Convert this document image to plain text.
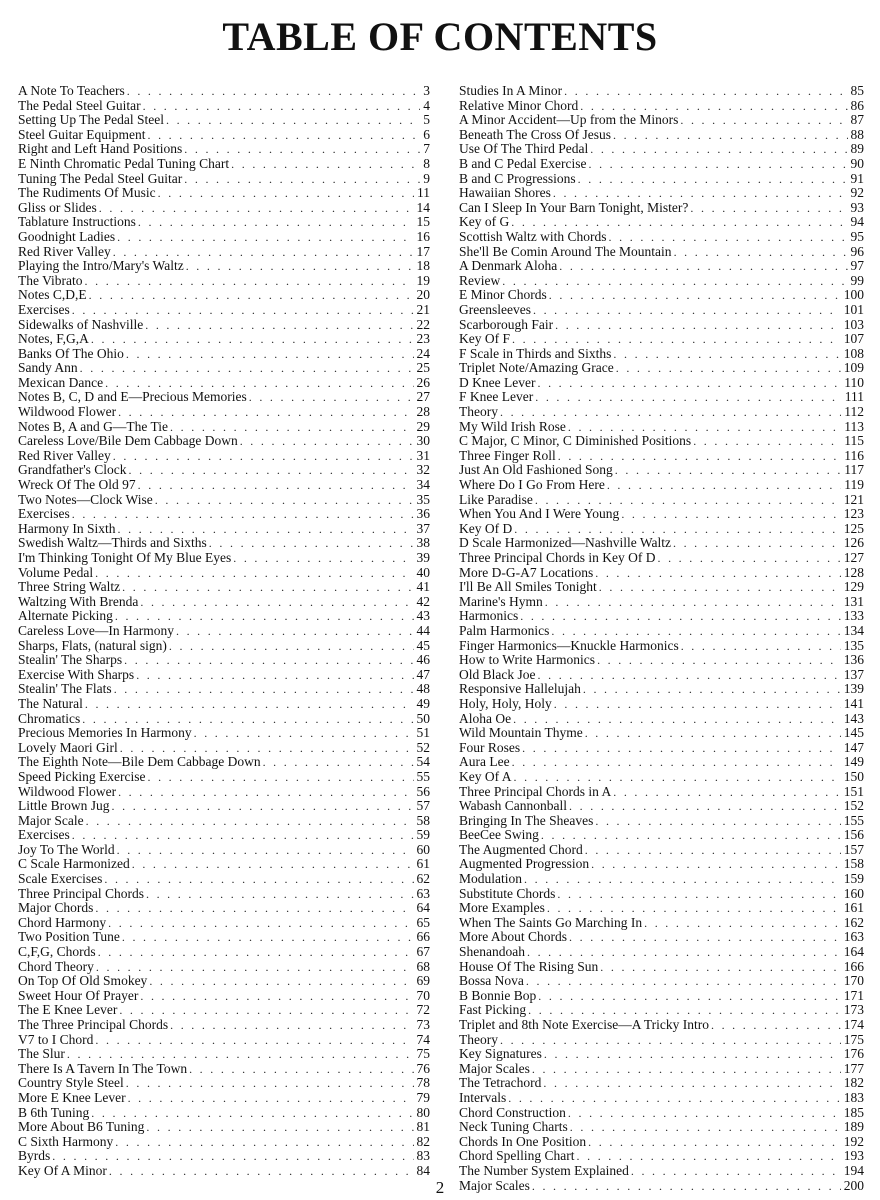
TABLE OF CONTENTS
A Note To Teachers . . .	3
The Pedal Steel Guitar . . .	4
Setting Up The Pedal Steel . . .	5
Steel Guitar Equipment . . .	6
Right and Left Hand Positions . . .	7
E Ninth Chromatic Pedal Tuning Chart . . .	8
Tuning The Pedal Steel Guitar . . .	9
The Rudiments Of Music . . .	11
Gliss or Slides . . .	14
Tablature Instructions . . .	15
Goodnight Ladies . . .	16
Red River Valley . . .	17
Playing the Intro/Mary's Waltz . . .	18
The Vibrato . . .	19
Notes C,D,E . . .	20
Exercises . . .	21
Sidewalks of Nashville . . .	22
Notes, F,G,A . . .	23
Banks Of The Ohio . . .	24
Sandy Ann . . .	25
Mexican Dance . . .	26
Notes B, C, D and E—Precious Memories . . .	27
Wildwood Flower . . .	28
Notes B, A and G—The Tie . . .	29
Careless Love/Bile Dem Cabbage Down . . .	30
Red River Valley . . .	31
Grandfather's Clock . . .	32
Wreck Of The Old 97 . . .	34
Two Notes—Clock Wise . . .	35
Exercises . . .	36
Harmony In Sixth . . .	37
Swedish Waltz—Thirds and Sixths . . .	38
I'm Thinking Tonight Of My Blue Eyes . . .	39
Volume Pedal . . .	40
Three String Waltz . . .	41
Waltzing With Brenda . . .	42
Alternate Picking . . .	43
Careless Love—In Harmony . . .	44
Sharps, Flats, (natural sign) . . .	45
Stealin' The Sharps . . .	46
Exercise With Sharps . . .	47
Stealin' The Flats . . .	48
The Natural . . .	49
Chromatics . . .	50
Precious Memories In Harmony . . .	51
Lovely Maori Girl . . .	52
The Eighth Note—Bile Dem Cabbage Down . . .	54
Speed Picking Exercise . . .	55
Wildwood Flower . . .	56
Little Brown Jug . . .	57
Major Scale . . .	58
Exercises . . .	59
Joy To The World . . .	60
C Scale Harmonized . . .	61
Scale Exercises . . .	62
Three Principal Chords . . .	63
Major Chords . . .	64
Chord Harmony . . .	65
Two Position Tune . . .	66
C,F,G, Chords . . .	67
Chord Theory . . .	68
On Top Of Old Smokey . . .	69
Sweet Hour Of Prayer . . .	70
The E Knee Lever . . .	72
The Three Principal Chords . . .	73
V7 to I Chord . . .	74
The Slur . . .	75
There Is A Tavern In The Town . . .	76
Country Style Steel . . .	78
More E Knee Lever . . .	79
B 6th Tuning . . .	80
More About B6 Tuning . . .	81
C Sixth Harmony . . .	82
Byrds . . .	83
Key Of A Minor . . .	84
Studies In A Minor . . .	85
Relative Minor Chord . . .	86
A Minor Accident—Up from the Minors . . .	87
Beneath The Cross Of Jesus . . .	88
Use Of The Third Pedal . . .	89
B and C Pedal Exercise . . .	90
B and C Progressions . . .	91
Hawaiian Shores . . .	92
Can I Sleep In Your Barn Tonight, Mister? . . .	93
Key of G . . .	94
Scottish Waltz with Chords . . .	95
She'll Be Comin Around The Mountain . . .	96
A Denmark Aloha . . .	97
Review . . .	99
E Minor Chords . . .	100
Greensleeves . . .	101
Scarborough Fair . . .	103
Key Of F . . .	107
F Scale in Thirds and Sixths . . .	108
Triplet Note/Amazing Grace . . .	109
D Knee Lever . . .	110
F Knee Lever . . .	111
Theory . . .	112
My Wild Irish Rose . . .	113
C Major, C Minor, C Diminished Positions . . .	115
Three Finger Roll . . .	116
Just An Old Fashioned Song . . .	117
Where Do I Go From Here . . .	119
Like Paradise . . .	121
When You And I Were Young . . .	123
Key Of D . . .	125
D Scale Harmonized—Nashville Waltz . . .	126
Three Principal Chords in Key Of D . . .	127
More D-G-A7 Locations . . .	128
I'll Be All Smiles Tonight . . .	129
Marine's Hymn . . .	131
Harmonics . . .	133
Palm Harmonics . . .	134
Finger Harmonics—Knuckle Harmonics . . .	135
How to Write Harmonics . . .	136
Old Black Joe . . .	137
Responsive Hallelujah . . .	139
Holy, Holy, Holy . . .	141
Aloha Oe . . .	143
Wild Mountain Thyme . . .	145
Four Roses . . .	147
Aura Lee . . .	149
Key Of A . . .	150
Three Principal Chords in A . . .	151
Wabash Cannonball . . .	152
Bringing In The Sheaves . . .	155
BeeCee Swing . . .	156
The Augmented Chord . . .	157
Augmented Progression . . .	158
Modulation . . .	159
Substitute Chords . . .	160
More Examples . . .	161
When The Saints Go Marching In . . .	162
More About Chords . . .	163
Shenandoah . . .	164
House Of The Rising Sun . . .	166
Bossa Nova . . .	170
B Bonnie Bop . . .	171
Fast Picking . . .	173
Triplet and 8th Note Exercise—A Tricky Intro . . .	174
Theory . . .	175
Key Signatures . . .	176
Major Scales . . .	177
The Tetrachord . . .	182
Intervals . . .	183
Chord Construction . . .	185
Neck Tuning Charts . . .	189
Chords In One Position . . .	192
Chord Spelling Chart . . .	193
The Number System Explained . . .	194
Major Scales . . .	200
2
